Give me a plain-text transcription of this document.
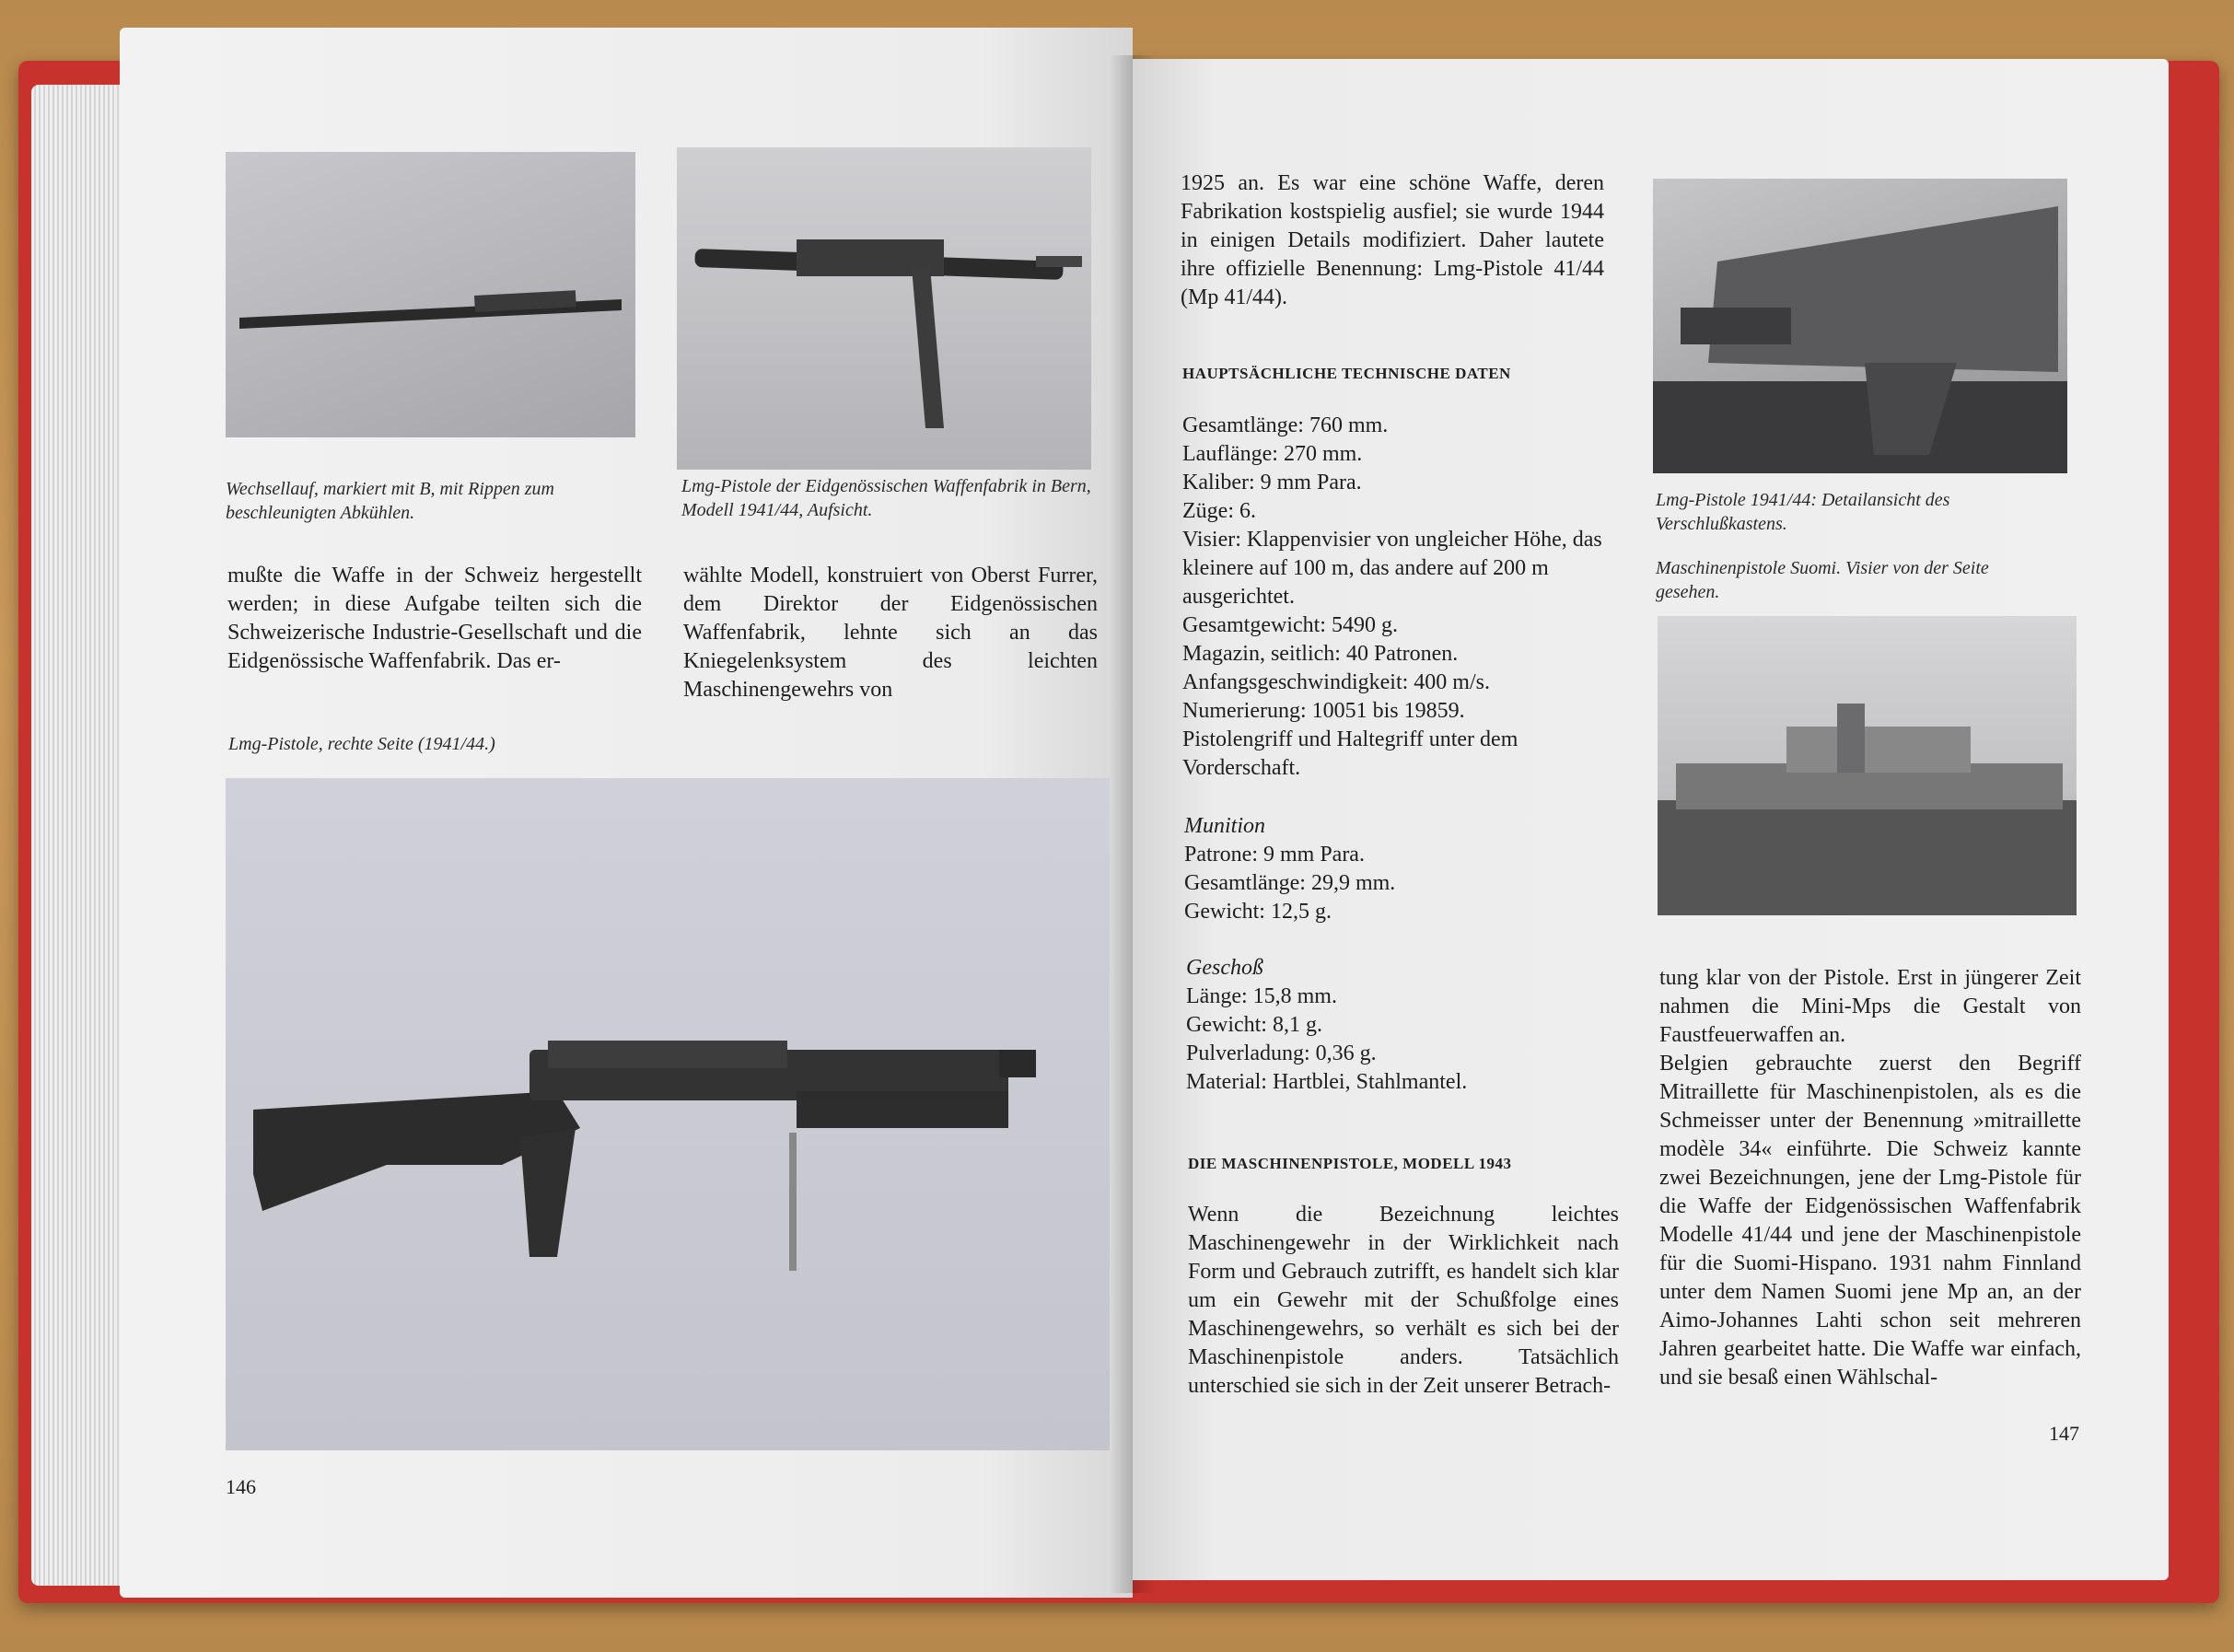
Wechsellauf, markiert mit B, mit Rippen zum beschleunigten Abkühlen.
Lmg-Pistole der Eidgenössischen Waffenfabrik in Bern, Modell 1941/44, Aufsicht.
mußte die Waffe in der Schweiz hergestellt werden; in diese Aufgabe teilten sich die Schweizerische Industrie-Gesellschaft und die Eidgenössische Waffenfabrik. Das er-
wählte Modell, konstruiert von Oberst Furrer, dem Direktor der Eidgenössischen Waffenfabrik, lehnte sich an das Kniegelenksystem des leichten Maschinengewehrs von
Lmg-Pistole, rechte Seite (1941/44.)
146
1925 an. Es war eine schöne Waffe, deren Fabrikation kostspielig ausfiel; sie wurde 1944 in einigen Details modifiziert. Daher lautete ihre offizielle Benennung: Lmg-Pistole 41/44 (Mp 41/44).
HAUPTSÄCHLICHE TECHNISCHE DATEN
Gesamtlänge: 760 mm.
Lauflänge: 270 mm.
Kaliber: 9 mm Para.
Züge: 6.
Visier: Klappenvisier von ungleicher Höhe, das kleinere auf 100 m, das andere auf 200 m ausgerichtet.
Gesamtgewicht: 5490 g.
Magazin, seitlich: 40 Patronen.
Anfangsgeschwindigkeit: 400 m/s.
Numerierung: 10051 bis 19859.
Pistolengriff und Haltegriff unter dem Vorderschaft.

Munition

Patrone: 9 mm Para.
Gesamtlänge: 29,9 mm.
Gewicht: 12,5 g.

Geschoß

Länge: 15,8 mm.
Gewicht: 8,1 g.
Pulverladung: 0,36 g.
Material: Hartblei, Stahlmantel.
DIE MASCHINENPISTOLE, MODELL 1943
Wenn die Bezeichnung leichtes Maschinengewehr in der Wirklichkeit nach Form und Gebrauch zutrifft, es handelt sich klar um ein Gewehr mit der Schußfolge eines Maschinengewehrs, so verhält es sich bei der Maschinenpistole anders. Tatsächlich unterschied sie sich in der Zeit unserer Betrach-
Lmg-Pistole 1941/44: Detailansicht des Verschlußkastens.
Maschinenpistole Suomi. Visier von der Seite gesehen.
tung klar von der Pistole. Erst in jüngerer Zeit nahmen die Mini-Mps die Gestalt von Faustfeuerwaffen an.
Belgien gebrauchte zuerst den Begriff Mitraillette für Maschinenpistolen, als es die Schmeisser unter der Benennung »mitraillette modèle 34« einführte. Die Schweiz kannte zwei Bezeichnungen, jene der Lmg-Pistole für die Waffe der Eidgenössischen Waffenfabrik Modelle 41/44 und jene der Maschinenpistole für die Suomi-Hispano. 1931 nahm Finnland unter dem Namen Suomi jene Mp an, an der Aimo-Johannes Lahti schon seit mehreren Jahren gearbeitet hatte. Die Waffe war einfach, und sie besaß einen Wählschal-
147
